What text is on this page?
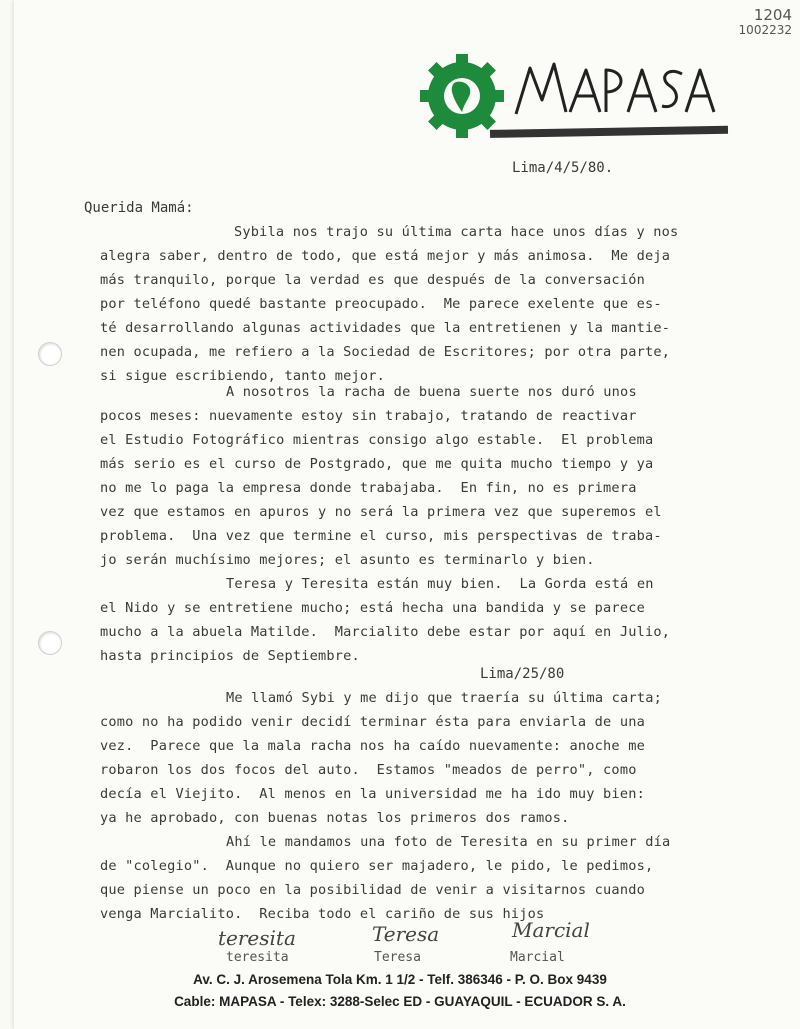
1204
1002232
Lima/4/5/80.
Querida Mamá:
Sybila nos trajo su última carta hace unos días y nos
alegra saber, dentro de todo, que está mejor y más animosa.  Me deja
más tranquilo, porque la verdad es que después de la conversación
por teléfono quedé bastante preocupado.  Me parece exelente que es-
té desarrollando algunas actividades que la entretienen y la mantie-
nen ocupada, me refiero a la Sociedad de Escritores; por otra parte,
si sigue escribiendo, tanto mejor.
A nosotros la racha de buena suerte nos duró unos
pocos meses: nuevamente estoy sin trabajo, tratando de reactivar
el Estudio Fotográfico mientras consigo algo estable.  El problema
más serio es el curso de Postgrado, que me quita mucho tiempo y ya
no me lo paga la empresa donde trabajaba.  En fin, no es primera
vez que estamos en apuros y no será la primera vez que superemos el
problema.  Una vez que termine el curso, mis perspectivas de traba-
jo serán muchísimo mejores; el asunto es terminarlo y bien.
Teresa y Teresita están muy bien.  La Gorda está en
el Nido y se entretiene mucho; está hecha una bandida y se parece
mucho a la abuela Matilde.  Marcialito debe estar por aquí en Julio,
hasta principios de Septiembre.
Lima/25/80
Me llamó Sybi y me dijo que traería su última carta;
como no ha podido venir decidí terminar ésta para enviarla de una
vez.  Parece que la mala racha nos ha caído nuevamente: anoche me
robaron los dos focos del auto.  Estamos "meados de perro", como
decía el Viejito.  Al menos en la universidad me ha ido muy bien:
ya he aprobado, con buenas notas los primeros dos ramos.
Ahí le mandamos una foto de Teresita en su primer día
de "colegio".  Aunque no quiero ser majadero, le pido, le pedimos,
que piense un poco en la posibilidad de venir a visitarnos cuando
venga Marcialito.  Reciba todo el cariño de sus hijos
teresita
teresita
Teresa
Teresa
Marcial
Marcial
Av. C. J. Arosemena Tola Km. 1 1/2 - Telf. 386346 - P. O. Box 9439
Cable: MAPASA - Telex: 3288-Selec ED - GUAYAQUIL - ECUADOR S. A.
